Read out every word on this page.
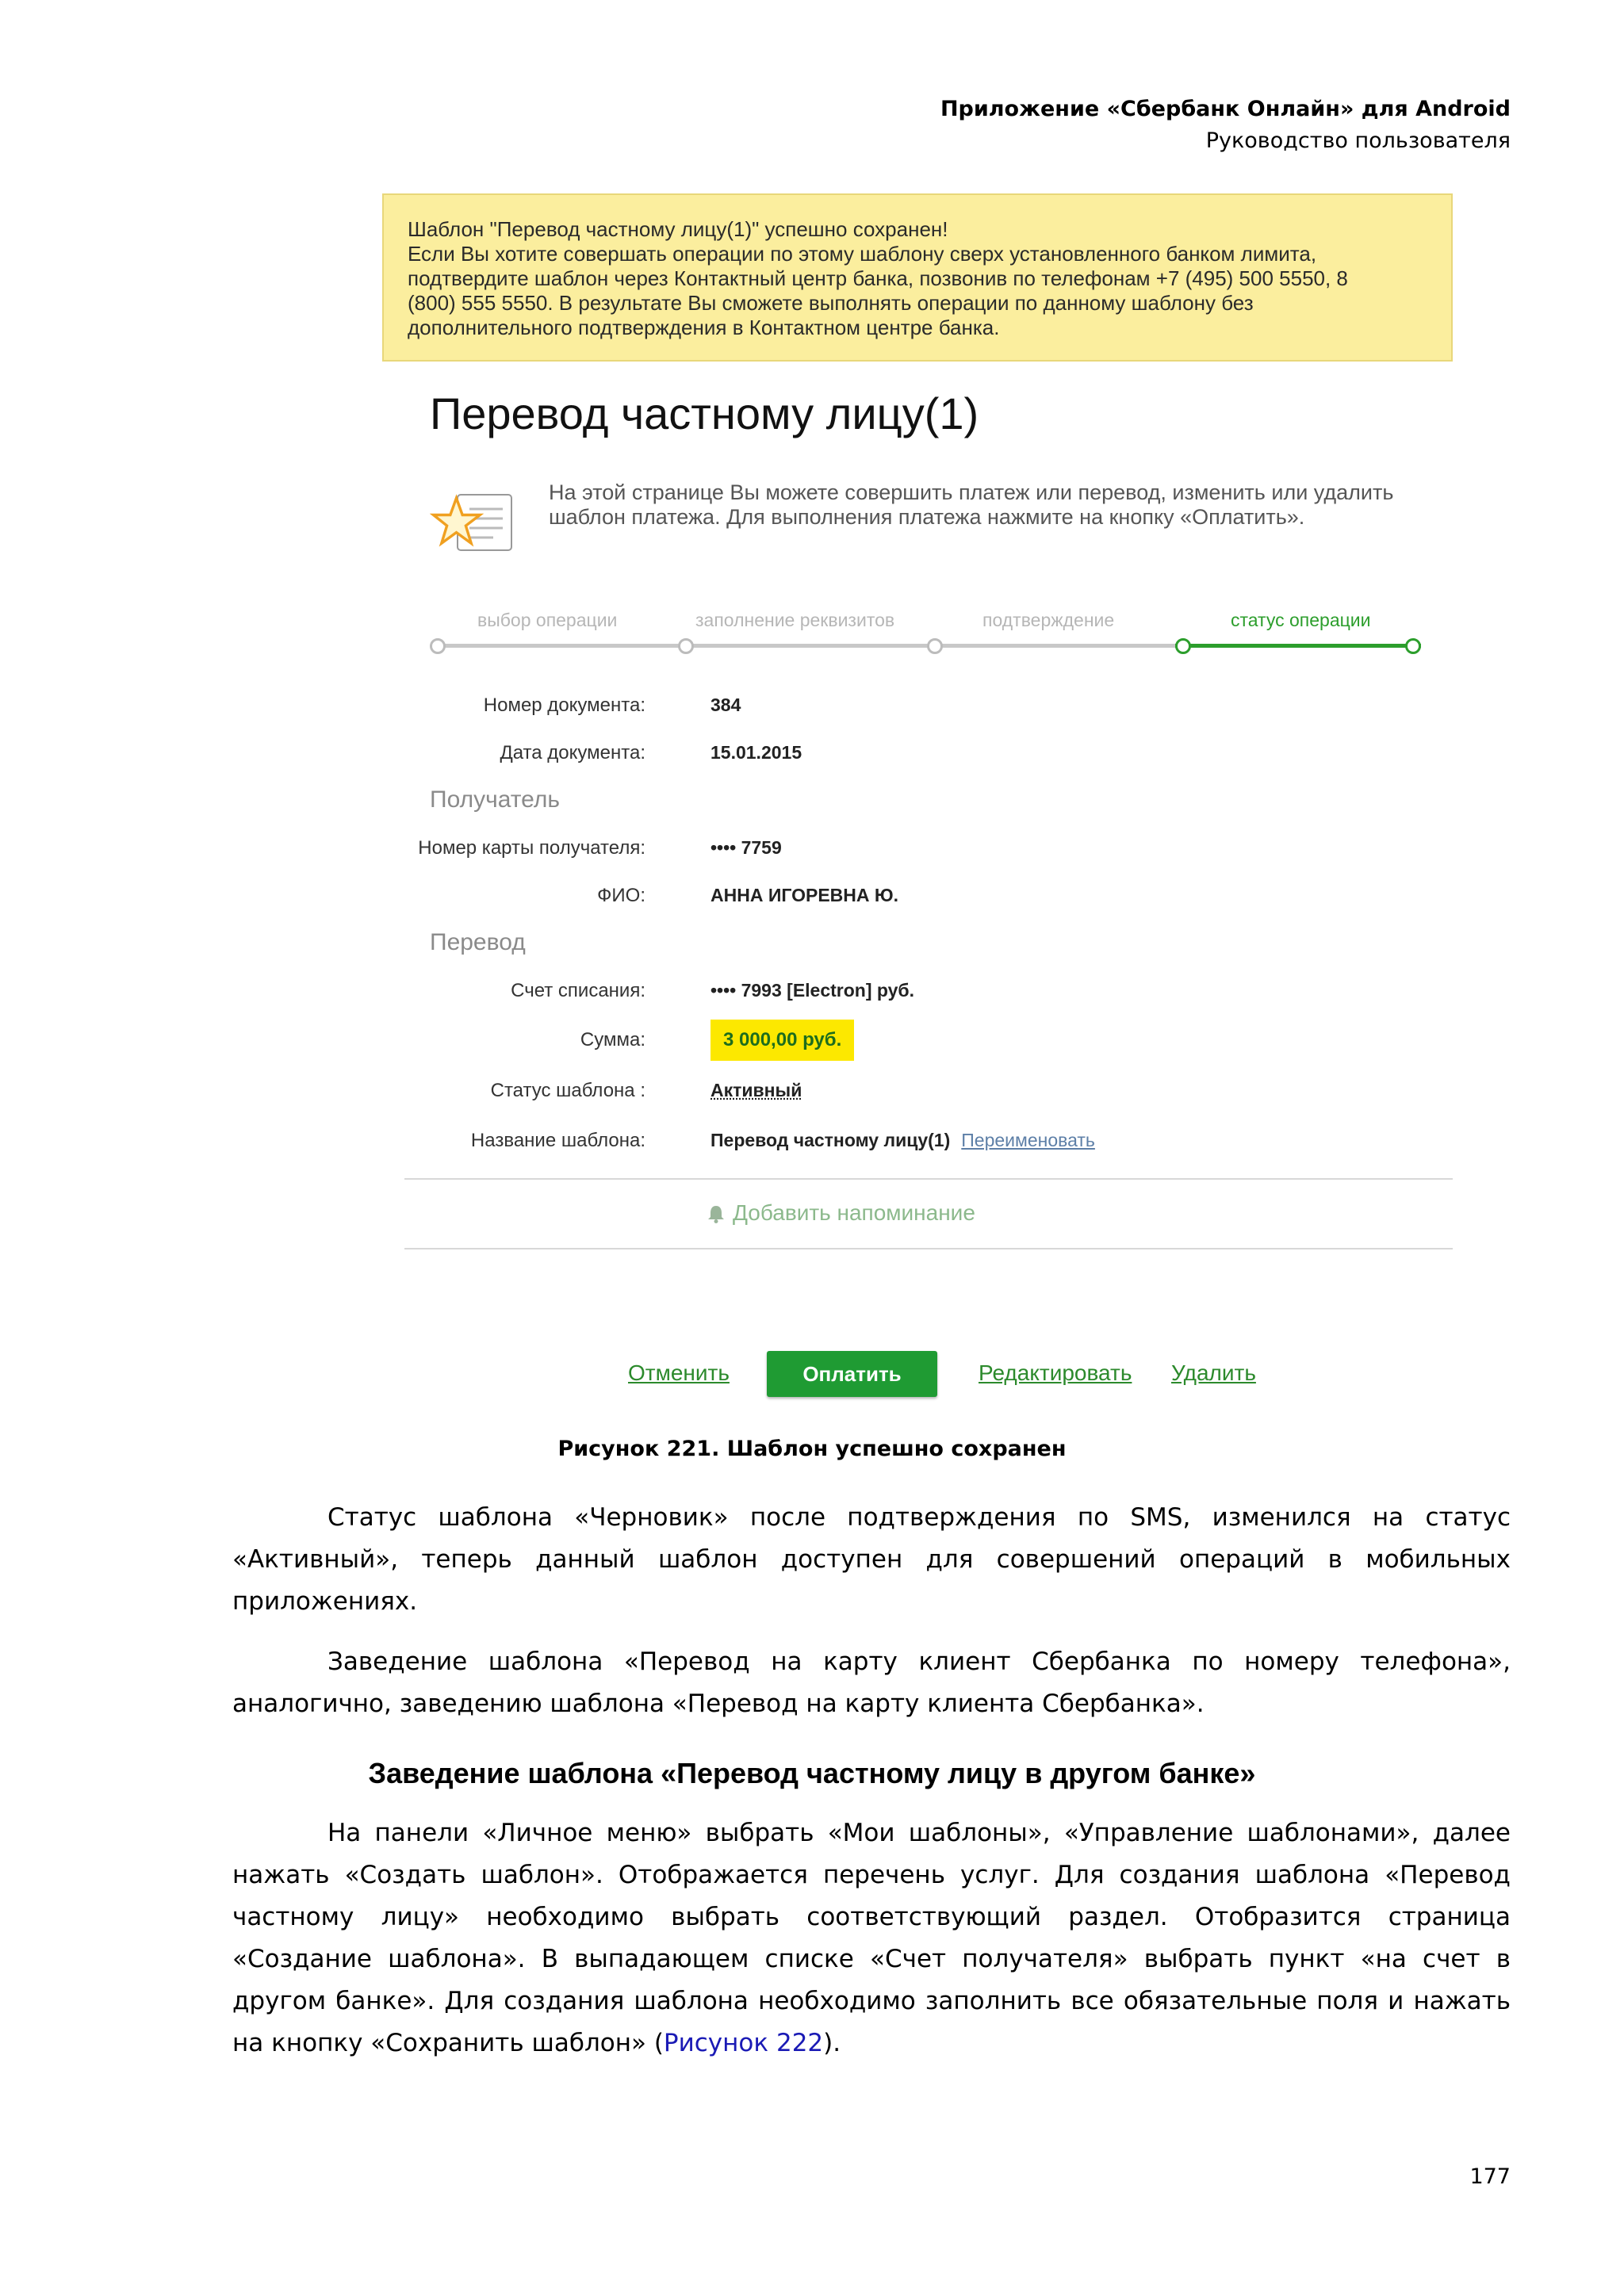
Приложение «Сбербанк Онлайн» для Android
Руководство пользователя
Шаблон "Перевод частному лицу(1)" успешно сохранен!
Если Вы хотите совершать операции по этому шаблону сверх установленного банком лимита,
подтвердите шаблон через Контактный центр банка, позвонив по телефонам +7 (495) 500 5550, 8
(800) 555 5550. В результате Вы сможете выполнять операции по данному шаблону без
дополнительного подтверждения в Контактном центре банка.
Перевод частному лицу(1)
На этой странице Вы можете совершить платеж или перевод, изменить или удалить шаблон платежа. Для выполнения платежа нажмите на кнопку «Оплатить».
выбор операции	заполнение реквизитов	подтверждение	статус операции
Номер документа:	384
Дата документа:	15.01.2015
Получатель
Номер карты получателя:	•••• 7759
ФИО:	АННА ИГОРЕВНА Ю.
Перевод
Счет списания:	•••• 7993 [Electron] руб.
Сумма:	3 000,00 руб.
Статус шаблона :	Активный
Название шаблона:	Перевод частному лицу(1) Переименовать
Добавить напоминание
Отменить	Оплатить	Редактировать Удалить
Рисунок 221. Шаблон успешно сохранен

Статус шаблона «Черновик» после подтверждения по SMS, изменился на статус «Активный», теперь данный шаблон доступен для совершений операций в мобильных приложениях.

Заведение шаблона «Перевод на карту клиент Сбербанка по номеру телефона», аналогично, заведению шаблона «Перевод на карту клиента Сбербанка».

Заведение шаблона «Перевод частному лицу в другом банке»

На панели «Личное меню» выбрать «Мои шаблоны», «Управление шаблонами», далее нажать «Создать шаблон». Отображается перечень услуг. Для создания шаблона «Перевод частному лицу» необходимо выбрать соответствующий раздел. Отобразится страница «Создание шаблона». В выпадающем списке «Счет получателя» выбрать пункт «на счет в другом банке». Для создания шаблона необходимо заполнить все обязательные поля и нажать на кнопку «Сохранить шаблон» (Рисунок 222).

177
